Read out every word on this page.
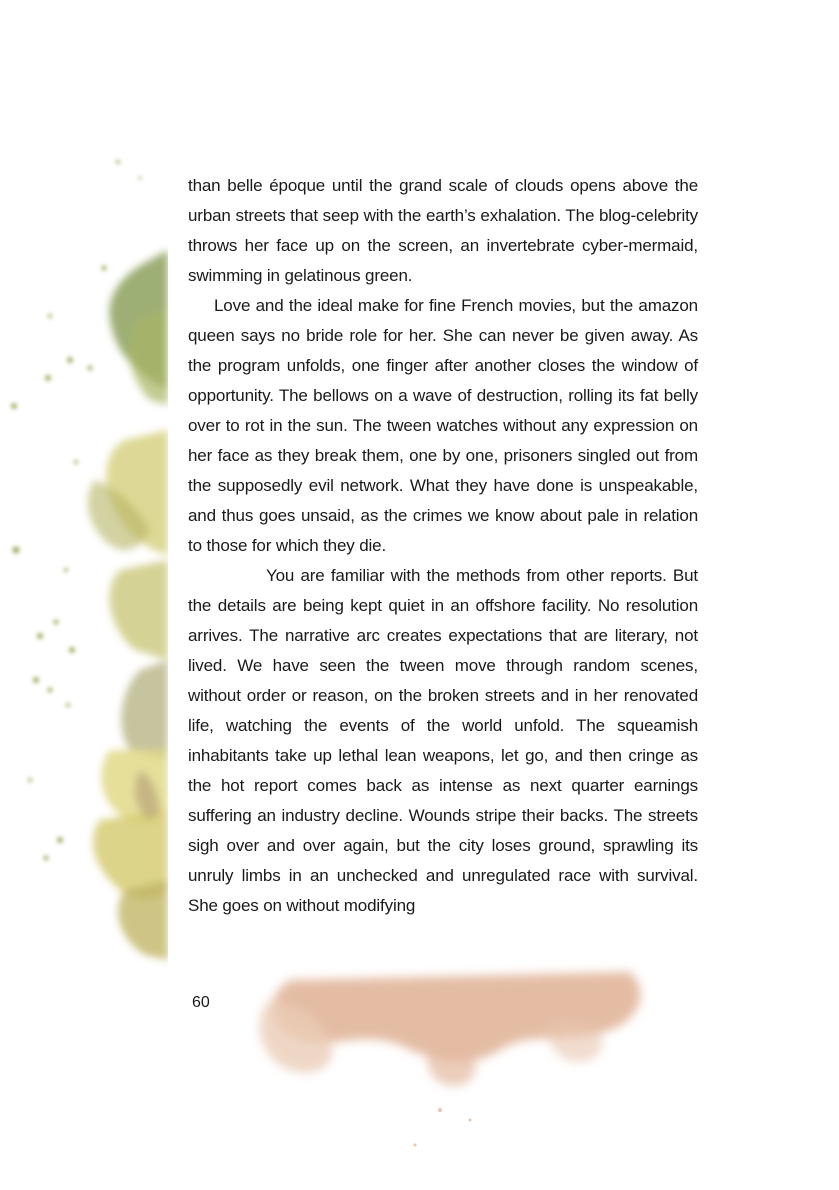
than belle époque until the grand scale of clouds opens above the urban streets that seep with the earth’s exhalation. The blog-celebrity throws her face up on the screen, an invertebrate cyber-mermaid, swimming in gelatinous green.

Love and the ideal make for fine French movies, but the amazon queen says no bride role for her. She can never be given away. As the program unfolds, one finger after another closes the window of opportunity. The bellows on a wave of destruction, rolling its fat belly over to rot in the sun. The tween watches without any expression on her face as they break them, one by one, prisoners singled out from the supposedly evil network. What they have done is unspeakable, and thus goes unsaid, as the crimes we know about pale in relation to those for which they die.

You are familiar with the methods from other reports. But the details are being kept quiet in an offshore facility. No resolution arrives. The narrative arc creates expectations that are literary, not lived. We have seen the tween move through random scenes, without order or reason, on the broken streets and in her renovated life, watching the events of the world unfold. The squeamish inhabitants take up lethal lean weapons, let go, and then cringe as the hot report comes back as intense as next quarter earnings suffering an industry decline. Wounds stripe their backs. The streets sigh over and over again, but the city loses ground, sprawling its unruly limbs in an unchecked and unregulated race with survival. She goes on without modifying

60
